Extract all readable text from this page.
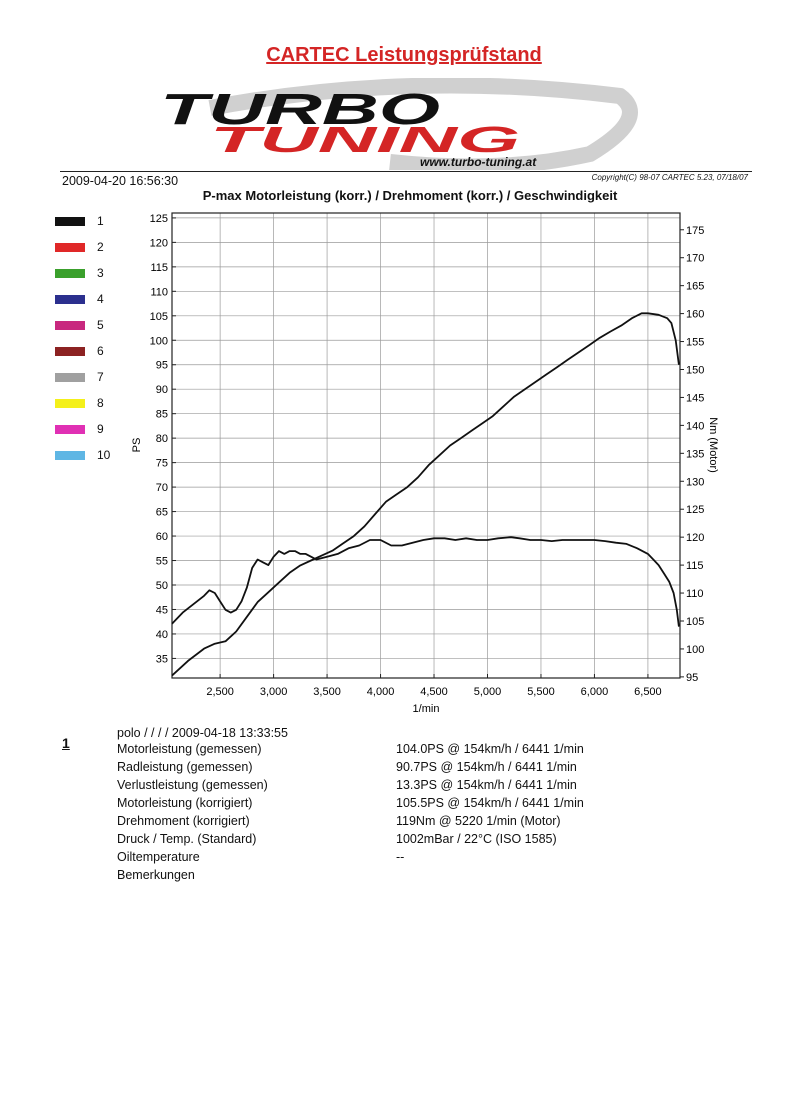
CARTEC Leistungsprüfstand
TURBO
TUNING
www.turbo-tuning.at
2009-04-20 16:56:30	Copyright(C) 98-07 CARTEC 5.23, 07/18/07
P-max Motorleistung (korr.) / Drehmoment (korr.) / Geschwindigkeit
1
2
3
4
5
6
7
8
9
10
35
40
45
50
55
60
65
70
75
80
85
90
95
100
105
110
115
120
125
95
100
105
110
115
120
125
130
135
140
145
150
155
160
165
170
175
2,500 3,000 3,500 4,000 4,500 5,000 5,500 6,000 6,500
PS	Nm (Motor)
1/min
1
polo / / / / 2009-04-18 13:33:55
Motorleistung (gemessen)	104.0PS @ 154km/h / 6441 1/min
Radleistung (gemessen)	90.7PS @ 154km/h / 6441 1/min
Verlustleistung (gemessen)	13.3PS @ 154km/h / 6441 1/min
Motorleistung (korrigiert)	105.5PS @ 154km/h / 6441 1/min
Drehmoment (korrigiert)	119Nm @ 5220 1/min (Motor)
Druck / Temp. (Standard)	1002mBar / 22°C (ISO 1585)
Oiltemperature	--
Bemerkungen
